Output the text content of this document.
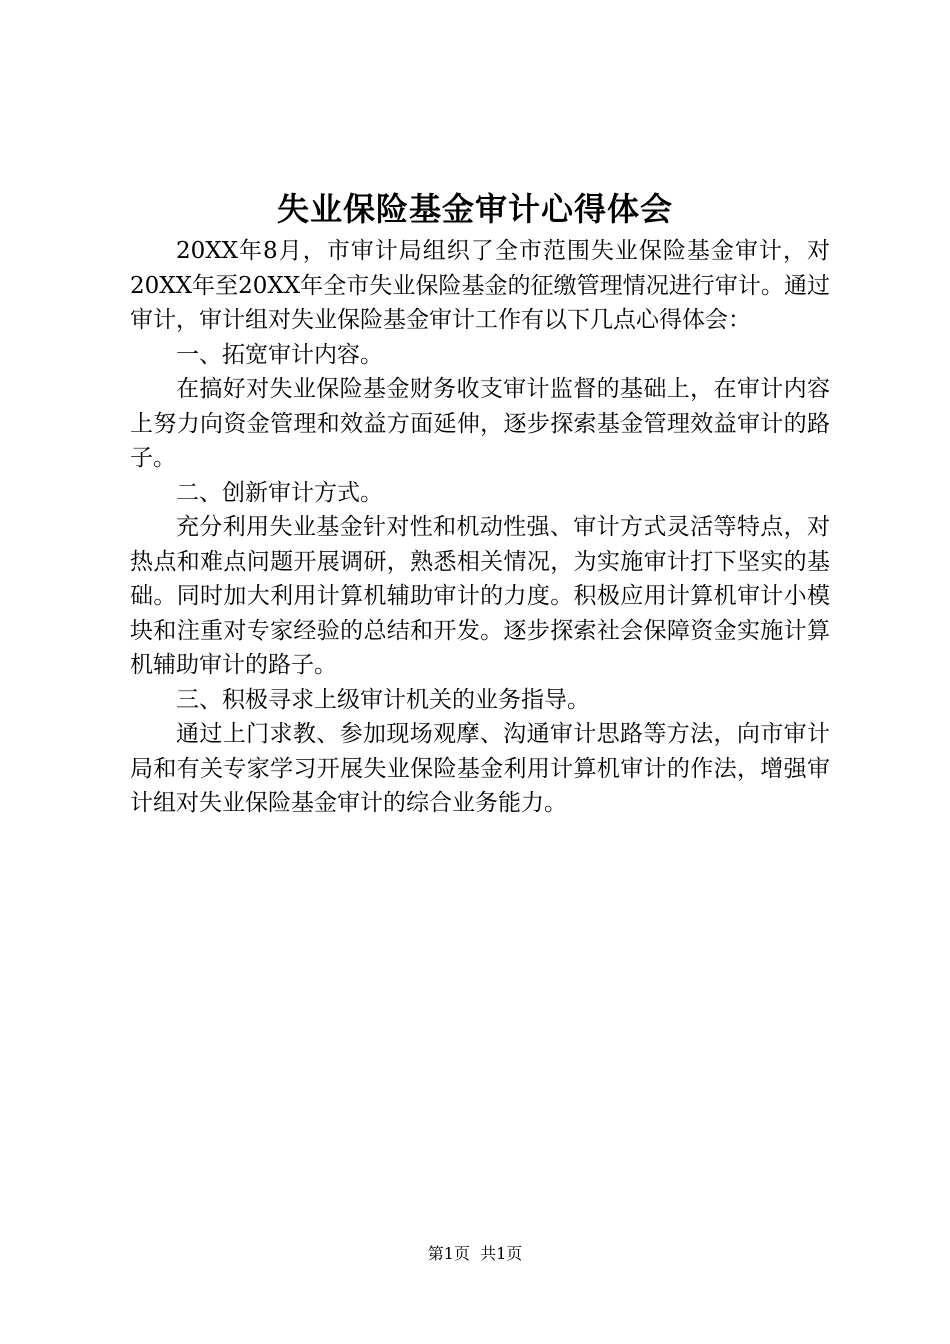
失业保险基金审计心得体会

20XX年8月，市审计局组织了全市范围失业保险基金审计，对20XX年至20XX年全市失业保险基金的征缴管理情况进行审计。通过审计，审计组对失业保险基金审计工作有以下几点心得体会：

一、拓宽审计内容。

在搞好对失业保险基金财务收支审计监督的基础上，在审计内容上努力向资金管理和效益方面延伸，逐步探索基金管理效益审计的路子。

二、创新审计方式。

充分利用失业基金针对性和机动性强、审计方式灵活等特点，对热点和难点问题开展调研，熟悉相关情况，为实施审计打下坚实的基础。同时加大利用计算机辅助审计的力度。积极应用计算机审计小模块和注重对专家经验的总结和开发。逐步探索社会保障资金实施计算机辅助审计的路子。

三、积极寻求上级审计机关的业务指导。

通过上门求教、参加现场观摩、沟通审计思路等方法，向市审计局和有关专家学习开展失业保险基金利用计算机审计的作法，增强审计组对失业保险基金审计的综合业务能力。

第1页  共1页
